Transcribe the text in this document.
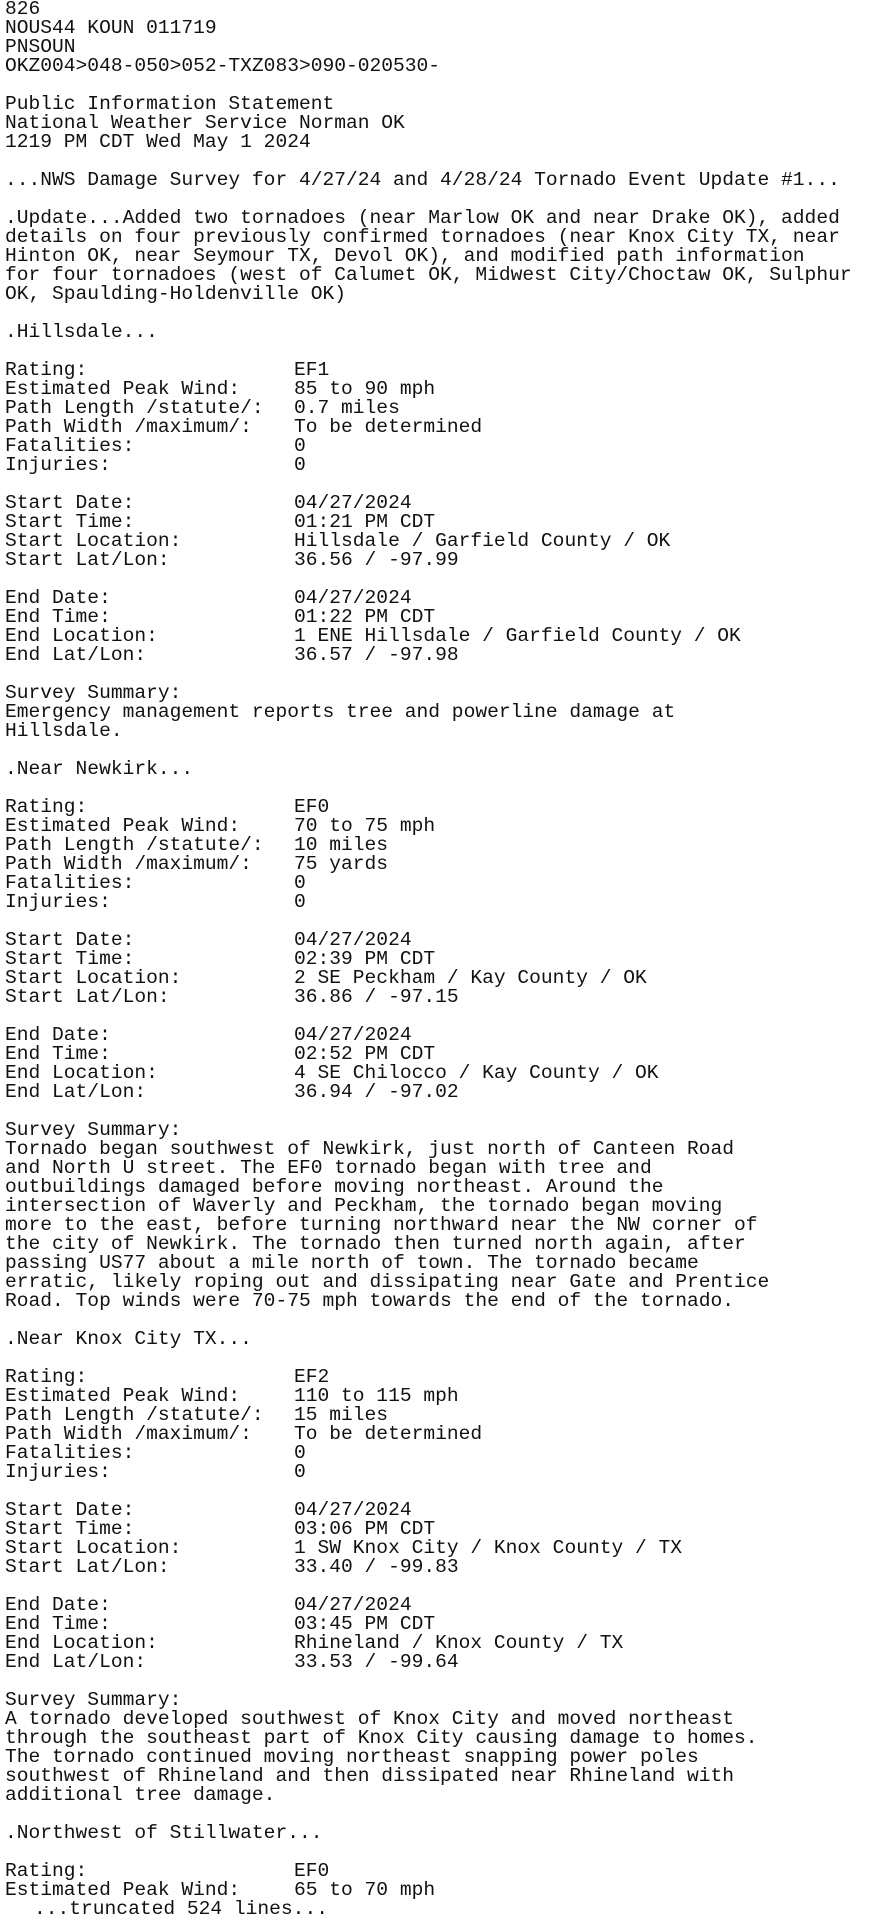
826
NOUS44 KOUN 011719
PNSOUN
OKZ004>048-050>052-TXZ083>090-020530-
Public Information Statement
National Weather Service Norman OK
1219 PM CDT Wed May 1 2024
...NWS Damage Survey for 4/27/24 and 4/28/24 Tornado Event Update #1...
.Update...Added two tornadoes (near Marlow OK and near Drake OK), added
details on four previously confirmed tornadoes (near Knox City TX, near
Hinton OK, near Seymour TX, Devol OK), and modified path information
for four tornadoes (west of Calumet OK, Midwest City/Choctaw OK, Sulphur
OK, Spaulding-Holdenville OK)
.Hillsdale...
Rating:	EF1
Estimated Peak Wind:	85 to 90 mph
Path Length /statute/: 0.7 miles
Path Width /maximum/: To be determined
Fatalities:	0
Injuries:	0
Start Date:	04/27/2024
Start Time:	01:21 PM CDT
Start Location:	Hillsdale / Garfield County / OK
Start Lat/Lon:	36.56 / -97.99
End Date:	04/27/2024
End Time:	01:22 PM CDT
End Location:	1 ENE Hillsdale / Garfield County / OK
End Lat/Lon:	36.57 / -97.98
Survey Summary:
Emergency management reports tree and powerline damage at
Hillsdale.
.Near Newkirk...
Rating:	EF0
Estimated Peak Wind:	70 to 75 mph
Path Length /statute/: 10 miles
Path Width /maximum/: 75 yards
Fatalities:	0
Injuries:	0
Start Date:	04/27/2024
Start Time:	02:39 PM CDT
Start Location:	2 SE Peckham / Kay County / OK
Start Lat/Lon:	36.86 / -97.15
End Date:	04/27/2024
End Time:	02:52 PM CDT
End Location:	4 SE Chilocco / Kay County / OK
End Lat/Lon:	36.94 / -97.02
Survey Summary:
Tornado began southwest of Newkirk, just north of Canteen Road
and North U street. The EF0 tornado began with tree and
outbuildings damaged before moving northeast. Around the
intersection of Waverly and Peckham, the tornado began moving
more to the east, before turning northward near the NW corner of
the city of Newkirk. The tornado then turned north again, after
passing US77 about a mile north of town. The tornado became
erratic, likely roping out and dissipating near Gate and Prentice
Road. Top winds were 70-75 mph towards the end of the tornado.
.Near Knox City TX...
Rating:	EF2
Estimated Peak Wind:	110 to 115 mph
Path Length /statute/: 15 miles
Path Width /maximum/: To be determined
Fatalities:	0
Injuries:	0
Start Date:	04/27/2024
Start Time:	03:06 PM CDT
Start Location:	1 SW Knox City / Knox County / TX
Start Lat/Lon:	33.40 / -99.83
End Date:	04/27/2024
End Time:	03:45 PM CDT
End Location:	Rhineland / Knox County / TX
End Lat/Lon:	33.53 / -99.64
Survey Summary:
A tornado developed southwest of Knox City and moved northeast
through the southeast part of Knox City causing damage to homes.
The tornado continued moving northeast snapping power poles
southwest of Rhineland and then dissipated near Rhineland with
additional tree damage.
.Northwest of Stillwater...
Rating:	EF0
Estimated Peak Wind:	65 to 70 mph
...truncated 524 lines...
